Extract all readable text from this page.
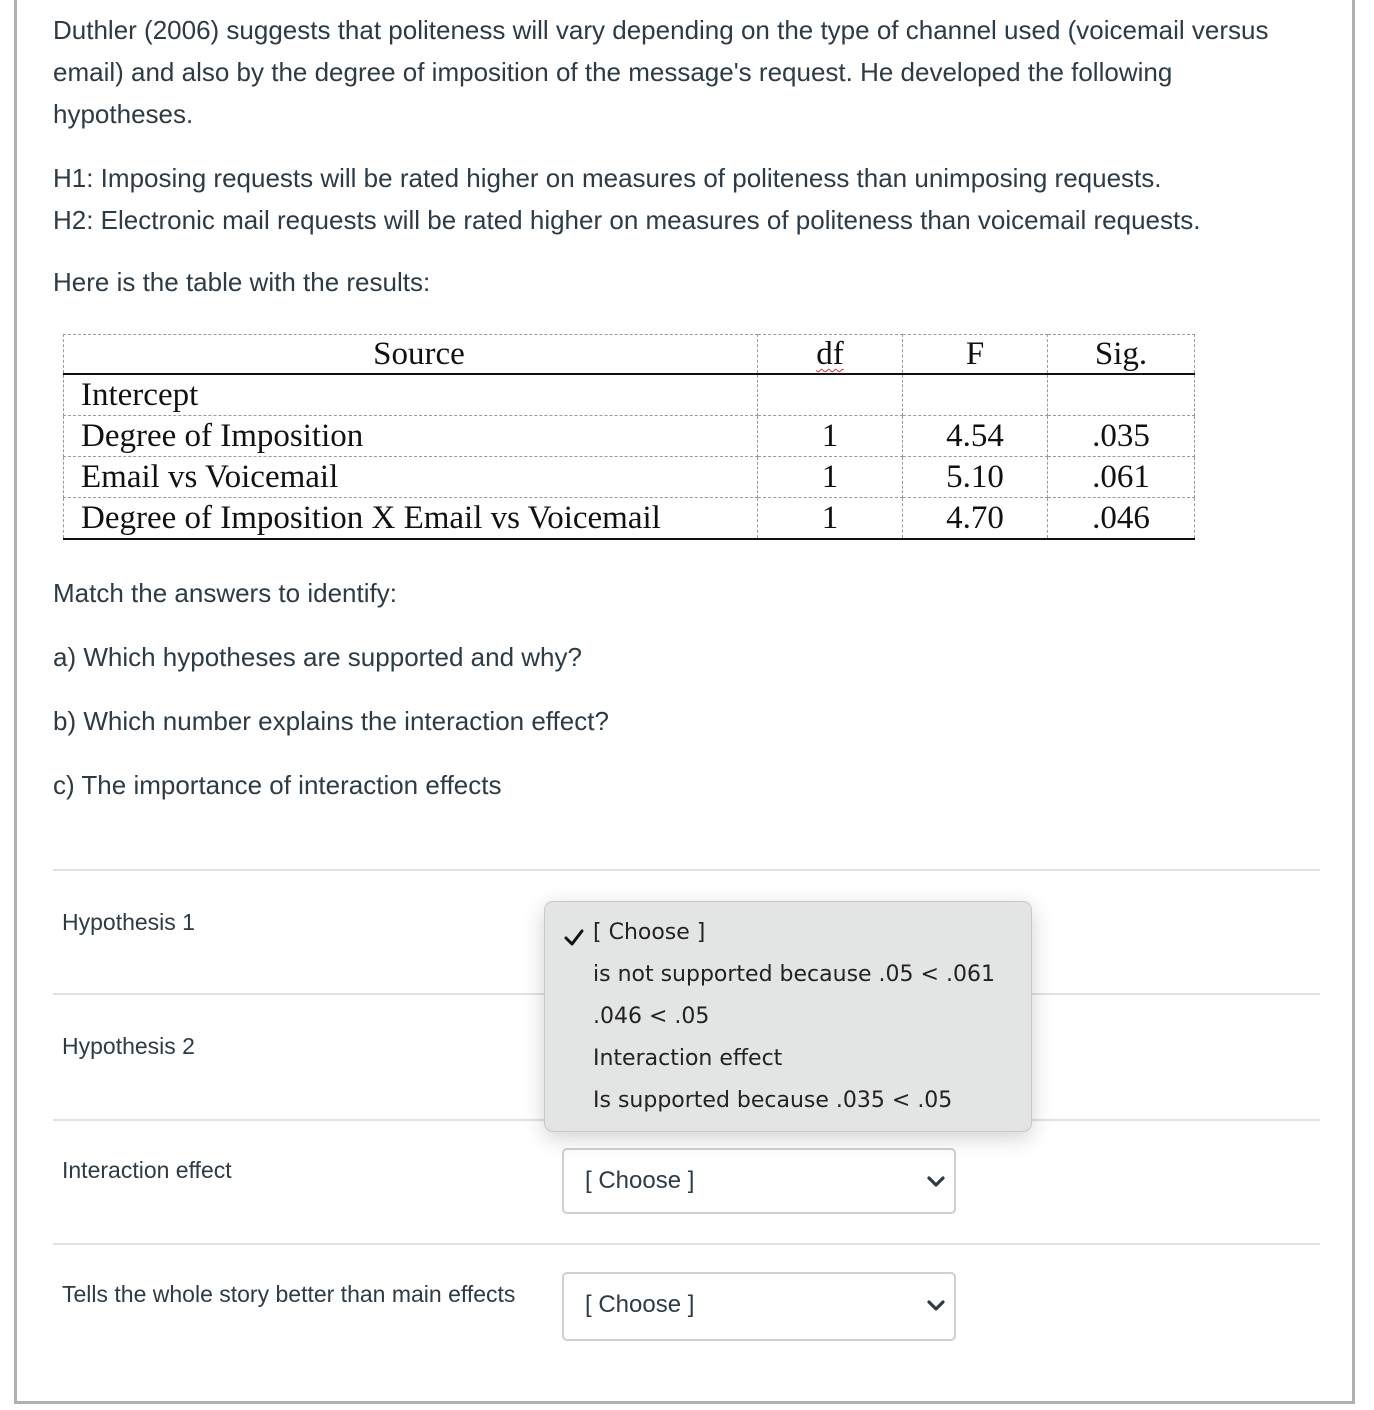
Duthler (2006) suggests that politeness will vary depending on the type of channel used (voicemail versus email) and also by the degree of imposition of the message's request. He developed the following hypotheses.

H1: Imposing requests will be rated higher on measures of politeness than unimposing requests.
H2: Electronic mail requests will be rated higher on measures of politeness than voicemail requests.

Here is the table with the results:

Source	df	F	Sig.
Intercept			
Degree of Imposition	1	4.54	.035
Email vs Voicemail	1	5.10	.061
Degree of Imposition X Email vs Voicemail	1	4.70	.046
Match the answers to identify:
a) Which hypotheses are supported and why?
b) Which number explains the interaction effect?
c) The importance of interaction effects
Hypothesis 1
Hypothesis 2
Interaction effect	[ Choose ]
Tells the whole story better than main effects	[ Choose ]
[ Choose ]
is not supported because .05 < .061
.046 < .05
Interaction effect
Is supported because .035 < .05
